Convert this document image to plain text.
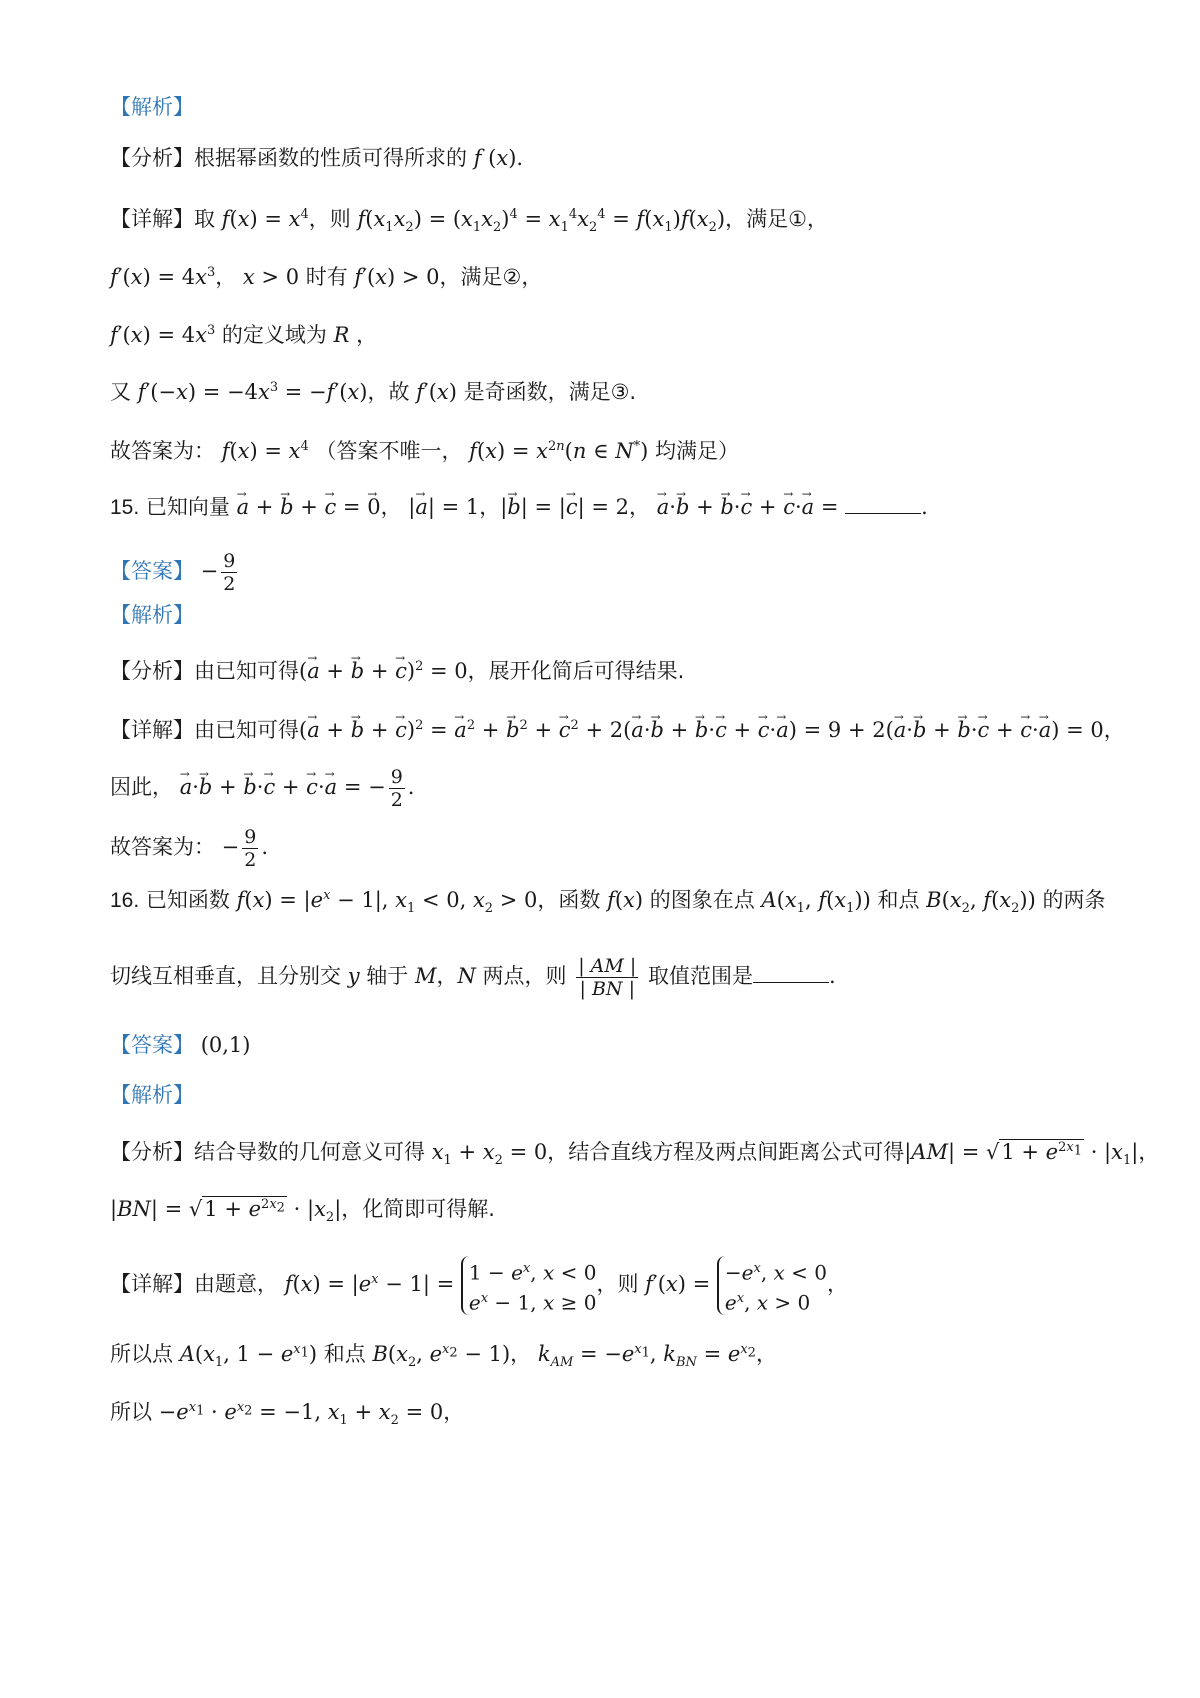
【解析】
【分析】根据幂函数的性质可得所求的 f (x).
【详解】取 $f(x) = x^4$，则 $f(x_1x_2) = (x_1x_2)^4 = x_1^4x_2^4 = f(x_1)f(x_2)$，满足①，
$f'(x) = 4x^3$， x > 0 时有 f′(x) > 0，满足②，
$f'(x) = 4x^3$ 的定义域为 R ，
又 $f'(-x) = -4x^3 = -f'(x)$，故 f′(x) 是奇函数，满足③.
故答案为： $f(x) = x^4$ （答案不唯一， $f(x) = x^{2n}(n$ ∈ N*) 均满足）
15. 已知向量 → a + → b + → c = → 0， |→ a| = 1，|→ b| = |→ c| = 2， → a·→ b + → b·→ c + → c·→ a =	.
【答案】 − $\frac{9}{2}$
【解析】
【分析】由已知可得(→ a + → b + → c)$^2$ = 0，展开化简后可得结果.
【详解】由已知可得(→ a + → b + → c)$^2$ = → $a^2$ + → $b^2$ + → $c^2 + 2(\to a\cdot\to b$ + → b·→ c + → c·→ a) = 9 + 2(→ a·→ b + → b·→ c + → c·→ a) = 0，
因此， → a·→ b + → b·→ c + → c·→ a = − $\frac{9}{2}$ .
故答案为： − $\frac{9}{2}$ .
16. 已知函数 $f(x) = |e^x - 1|$, $x_1 < 0$, $x_2 > 0$，函数 f(x) 的图象在点 $A(x_1$, $f(x_1)$) 和点 $B(x_2$, $f(x_2)$) 的两条
切线互相垂直，且分别交 y 轴于 M，N 两点，则 $\frac{| AM |}{| BN |}$ 取值范围是	.
【答案】 (0,1)
【解析】
【分析】结合导数的几何意义可得 $x_1 + x_2 = 0$，结合直线方程及两点间距离公式可得$|AM| = √1 + e^{2x_1} \cdot |x_1|$，
$|BN| = √1 + e^{2x_2} \cdot |x_2|$，化简即可得解.
【详解】由题意， $f(x) = |e^x - 1| = 1 - e^x$, x < 0
$e^x - 1$, x ≥ 0，则 $f'(x) = -e^x$, x < 0
$e^x$, x > 0，
所以点 $A(x_1$, $1 - e^{x_1}$) 和点 $B(x_2$, $e^{x_2} - 1$)， $k_{AM} = -e^{x_1}$, $k_{BN} = e^{x_2}$，
所以 $-e^{x_1} \cdot e^{x_2} = -1$, $x_1 + x_2 = 0$，
